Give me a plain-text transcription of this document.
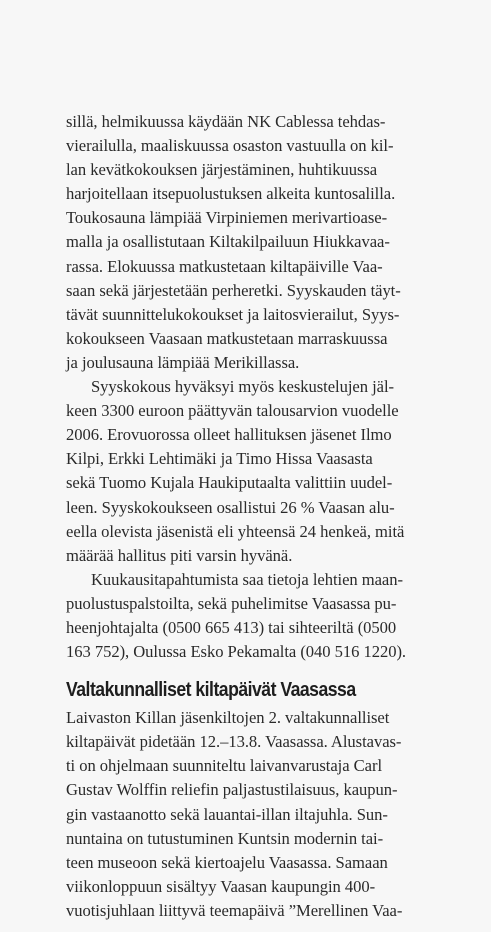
sillä, helmikuussa käydään NK Cablessa tehdas-
vierailulla, maaliskuussa osaston vastuulla on kil-
lan kevätkokouksen järjestäminen, huhtikuussa
harjoitellaan itsepuolustuksen alkeita kuntosalilla.
Toukosauna lämpiää Virpiniemen merivartioase-
malla ja osallistutaan Kiltakilpailuun Hiukkavaa-
rassa. Elokuussa matkustetaan kiltapäiville Vaa-
saan sekä järjestetään perheretki. Syyskauden täyt-
tävät suunnittelukokoukset ja laitosvierailut, Syys-
kokoukseen Vaasaan matkustetaan marraskuussa
ja joulusauna lämpiää Merikillassa.

Syyskokous hyväksyi myös keskustelujen jäl-
keen 3300 euroon päättyvän talousarvion vuodelle
2006. Erovuorossa olleet hallituksen jäsenet Ilmo
Kilpi, Erkki Lehtimäki ja Timo Hissa Vaasasta
sekä Tuomo Kujala Haukiputaalta valittiin uudel-
leen. Syyskokoukseen osallistui 26 % Vaasan alu-
eella olevista jäsenistä eli yhteensä 24 henkeä, mitä
määrää hallitus piti varsin hyvänä.

Kuukausitapahtumista saa tietoja lehtien maan-
puolustuspalstoilta, sekä puhelimitse Vaasassa pu-
heenjohtajalta (0500 665 413) tai sihteeriltä (0500
163 752), Oulussa Esko Pekamalta (040 516 1220).

Valtakunnalliset kiltapäivät Vaasassa

Laivaston Killan jäsenkiltojen 2. valtakunnalliset
kiltapäivät pidetään 12.–13.8. Vaasassa. Alustavas-
ti on ohjelmaan suunniteltu laivanvarustaja Carl
Gustav Wolffin reliefin paljastustilaisuus, kaupun-
gin vastaanotto sekä lauantai-illan iltajuhla. Sun-
nuntaina on tutustuminen Kuntsin modernin tai-
teen museoon sekä kiertoajelu Vaasassa. Samaan
viikonloppuun sisältyy Vaasan kaupungin 400-
vuotisjuhlaan liittyvä teemapäivä ”Merellinen Vaa-
